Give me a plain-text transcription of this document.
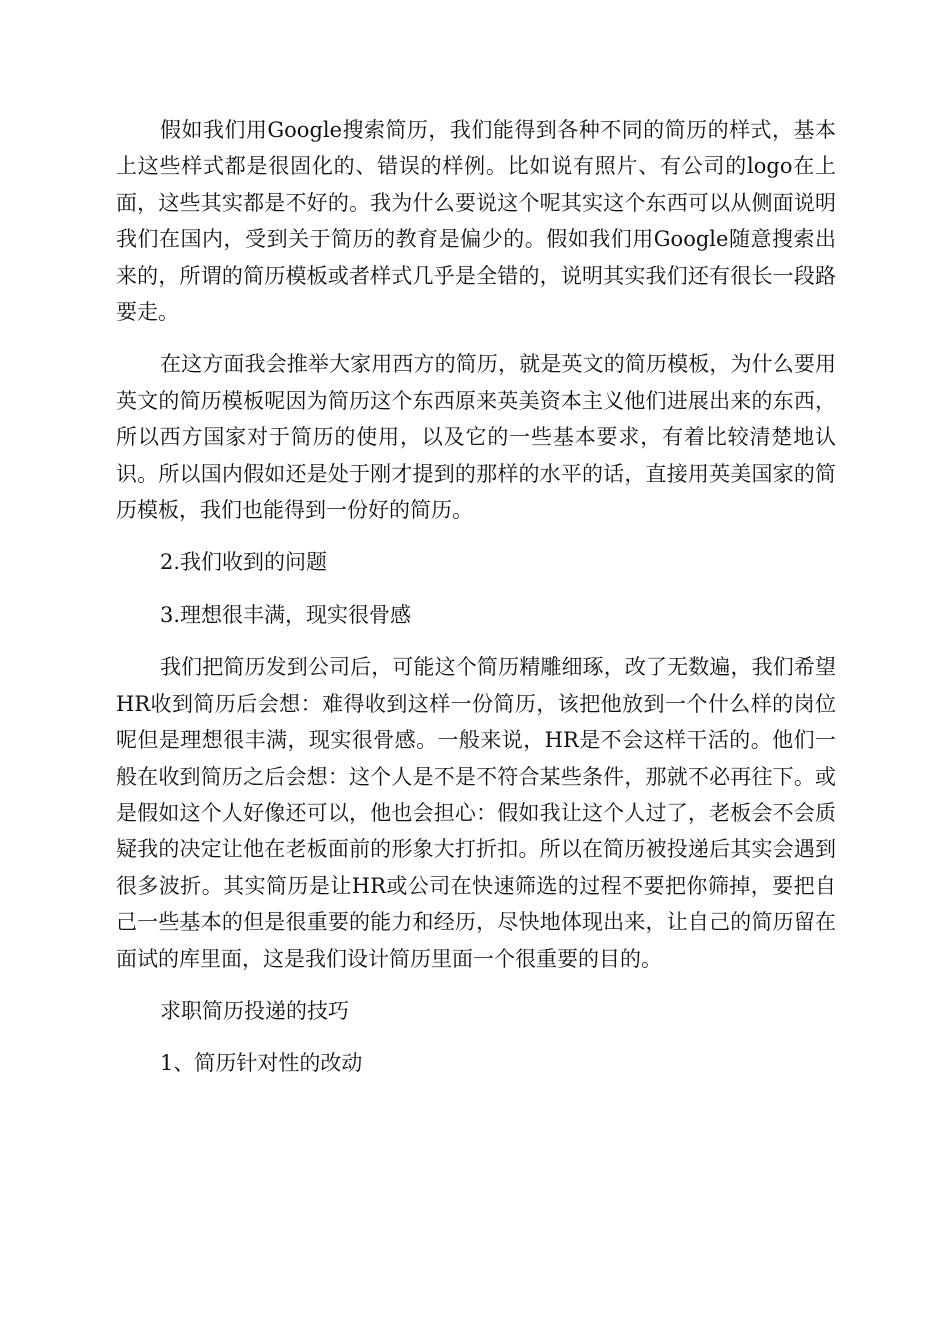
假如我们用Google搜索简历，我们能得到各种不同的简历的样式，基本上这些样式都是很固化的、错误的样例。比如说有照片、有公司的logo在上面，这些其实都是不好的。我为什么要说这个呢其实这个东西可以从侧面说明我们在国内，受到关于简历的教育是偏少的。假如我们用Google随意搜索出来的，所谓的简历模板或者样式几乎是全错的，说明其实我们还有很长一段路要走。

在这方面我会推举大家用西方的简历，就是英文的简历模板，为什么要用英文的简历模板呢因为简历这个东西原来英美资本主义他们进展出来的东西，所以西方国家对于简历的使用，以及它的一些基本要求，有着比较清楚地认识。所以国内假如还是处于刚才提到的那样的水平的话，直接用英美国家的简历模板，我们也能得到一份好的简历。

2.我们收到的问题

3.理想很丰满，现实很骨感

我们把简历发到公司后，可能这个简历精雕细琢，改了无数遍，我们希望HR收到简历后会想：难得收到这样一份简历，该把他放到一个什么样的岗位呢但是理想很丰满，现实很骨感。一般来说，HR是不会这样干活的。他们一般在收到简历之后会想：这个人是不是不符合某些条件，那就不必再往下。或是假如这个人好像还可以，他也会担心：假如我让这个人过了，老板会不会质疑我的决定让他在老板面前的形象大打折扣。所以在简历被投递后其实会遇到很多波折。其实简历是让HR或公司在快速筛选的过程不要把你筛掉，要把自己一些基本的但是很重要的能力和经历，尽快地体现出来，让自己的简历留在面试的库里面，这是我们设计简历里面一个很重要的目的。

求职简历投递的技巧

1、简历针对性的改动
